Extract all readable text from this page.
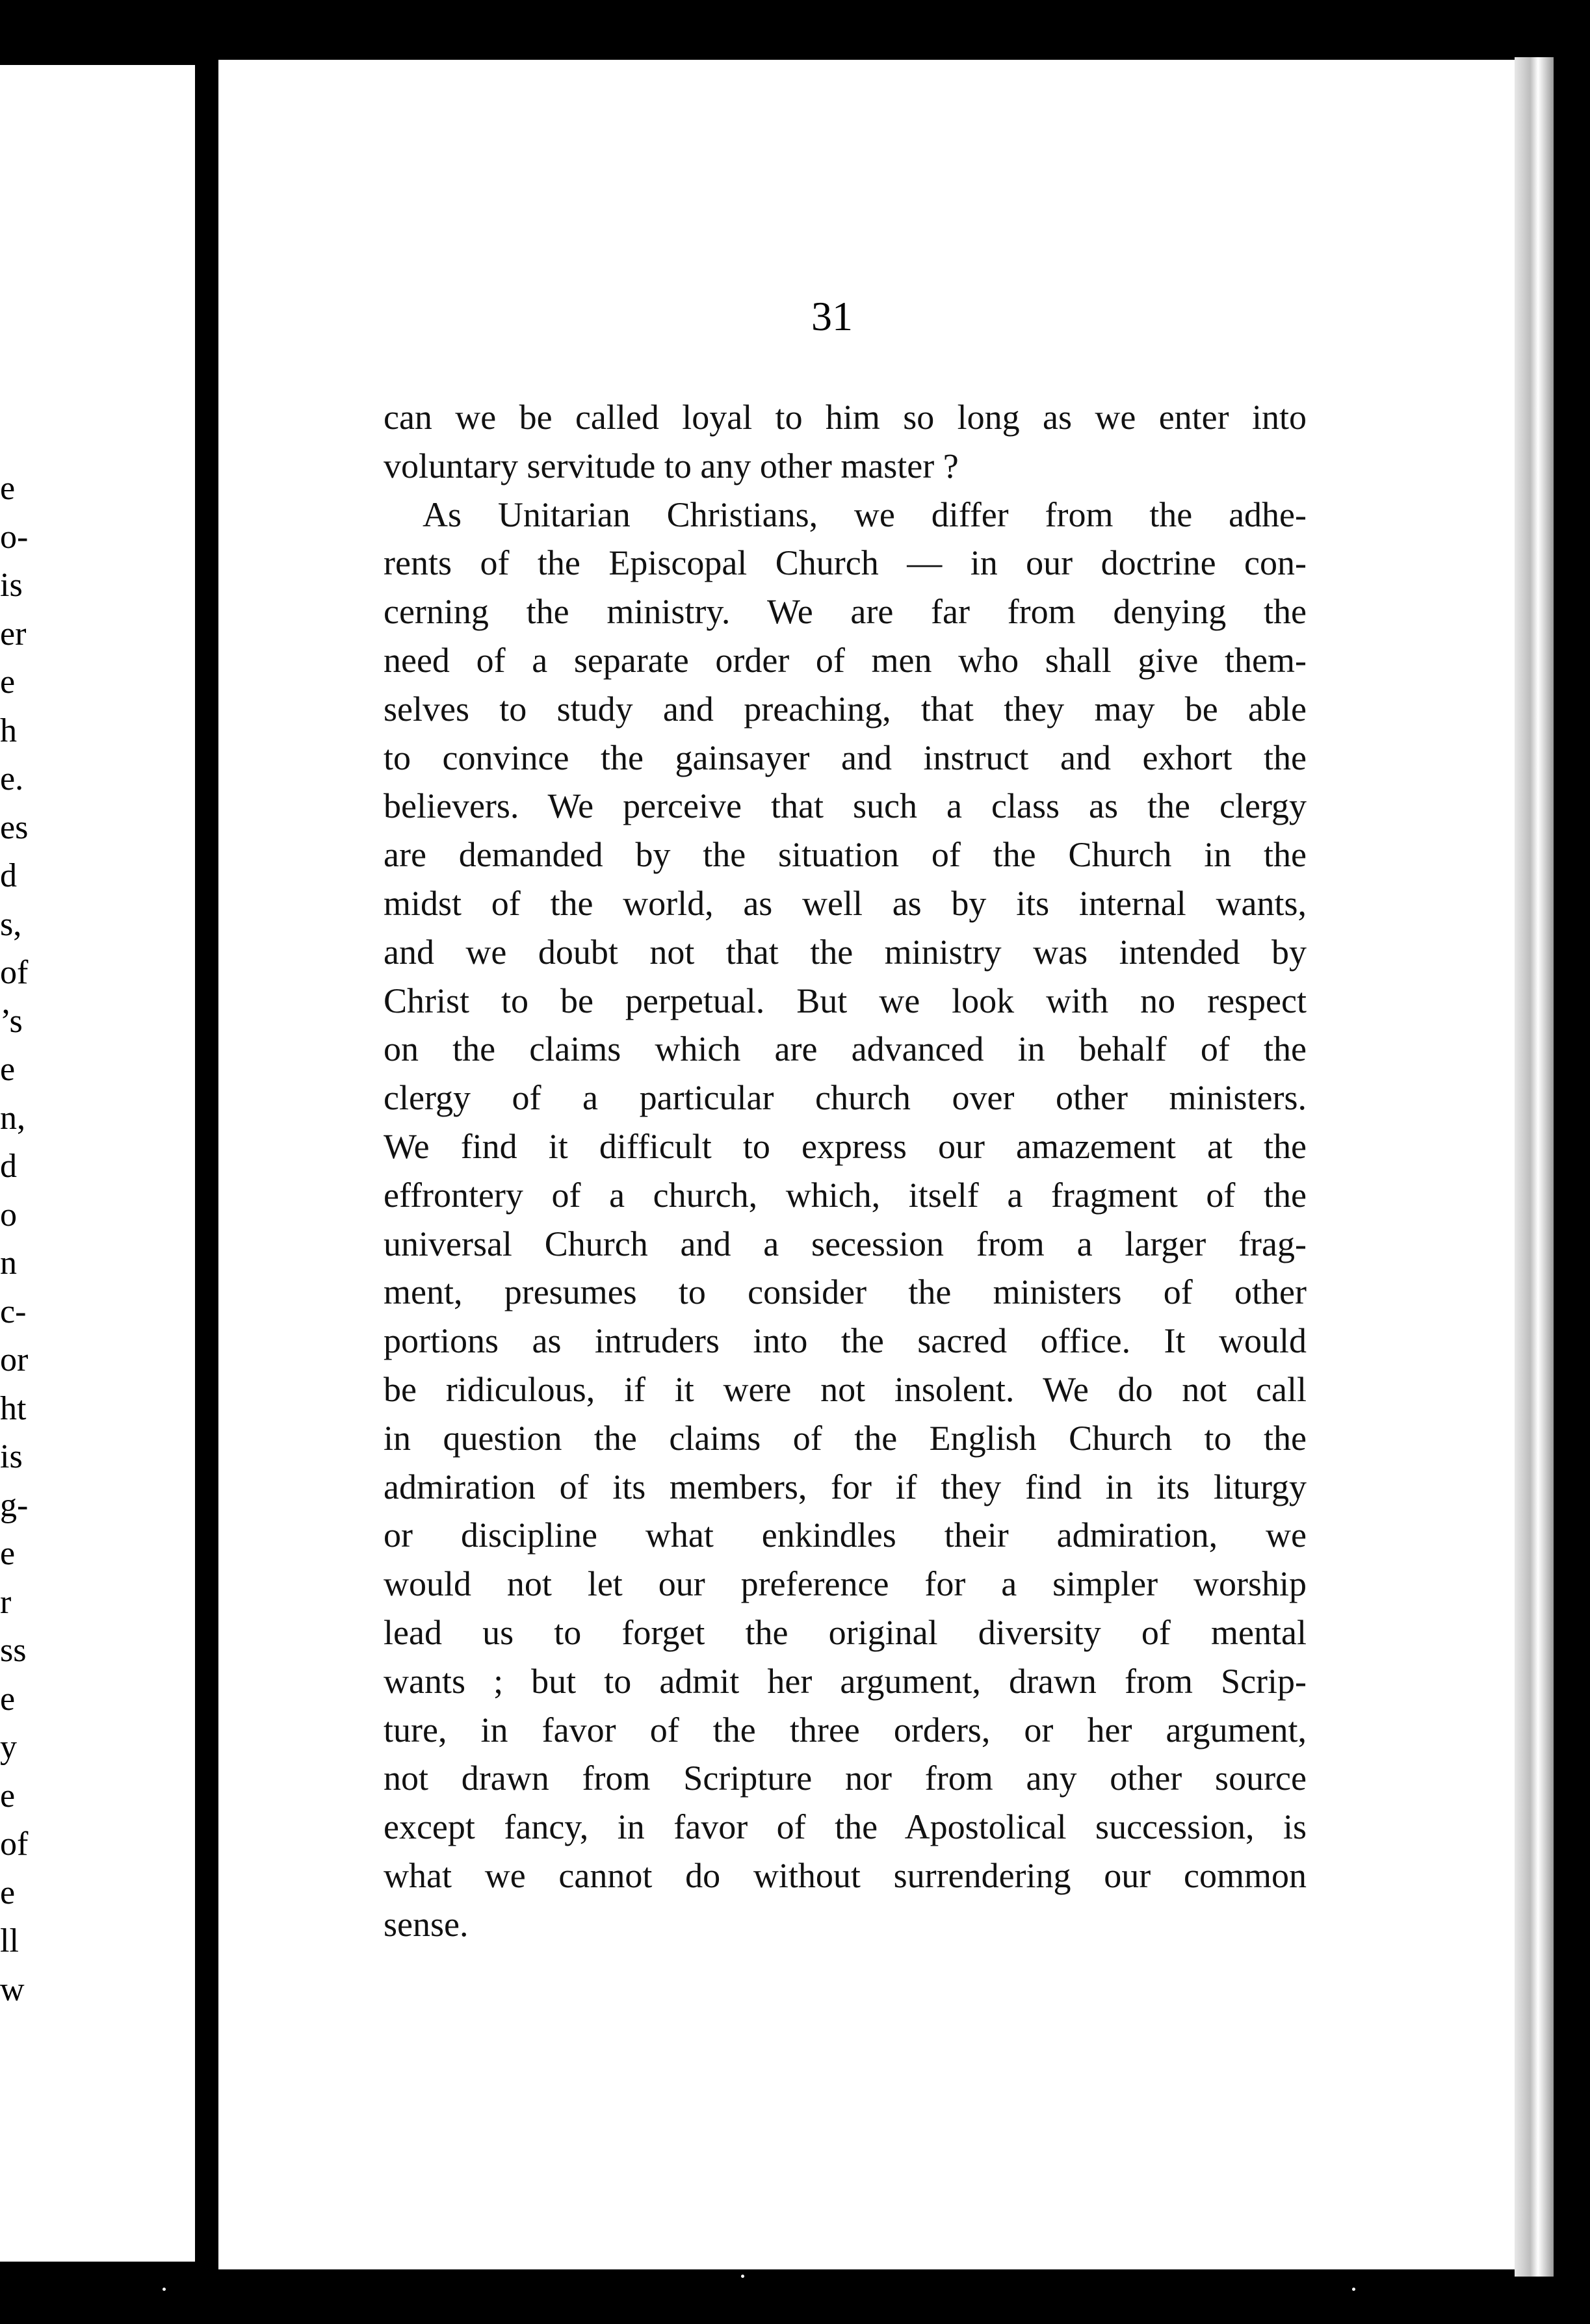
e
o-
is
er
e
h
e.
es
d
s,
of
’s
e
n,
d
o
n
c-
or
ht
is
g-
e
r
ss
e
y
e
of
e
ll
w
31
can we be called loyal to him so long as we enter into
voluntary servitude to any other master ?
As Unitarian Christians, we differ from the adhe-
rents of the Episcopal Church — in our doctrine con-
cerning the ministry. We are far from denying the
need of a separate order of men who shall give them-
selves to study and preaching, that they may be able
to convince the gainsayer and instruct and exhort the
believers. We perceive that such a class as the clergy
are demanded by the situation of the Church in the
midst of the world, as well as by its internal wants,
and we doubt not that the ministry was intended by
Christ to be perpetual. But we look with no respect
on the claims which are advanced in behalf of the
clergy of a particular church over other ministers.
We find it difficult to express our amazement at the
effrontery of a church, which, itself a fragment of the
universal Church and a secession from a larger frag-
ment, presumes to consider the ministers of other
portions as intruders into the sacred office. It would
be ridiculous, if it were not insolent. We do not call
in question the claims of the English Church to the
admiration of its members, for if they find in its liturgy
or discipline what enkindles their admiration, we
would not let our preference for a simpler worship
lead us to forget the original diversity of mental
wants ; but to admit her argument, drawn from Scrip-
ture, in favor of the three orders, or her argument,
not drawn from Scripture nor from any other source
except fancy, in favor of the Apostolical succession, is
what we cannot do without surrendering our common
sense.
